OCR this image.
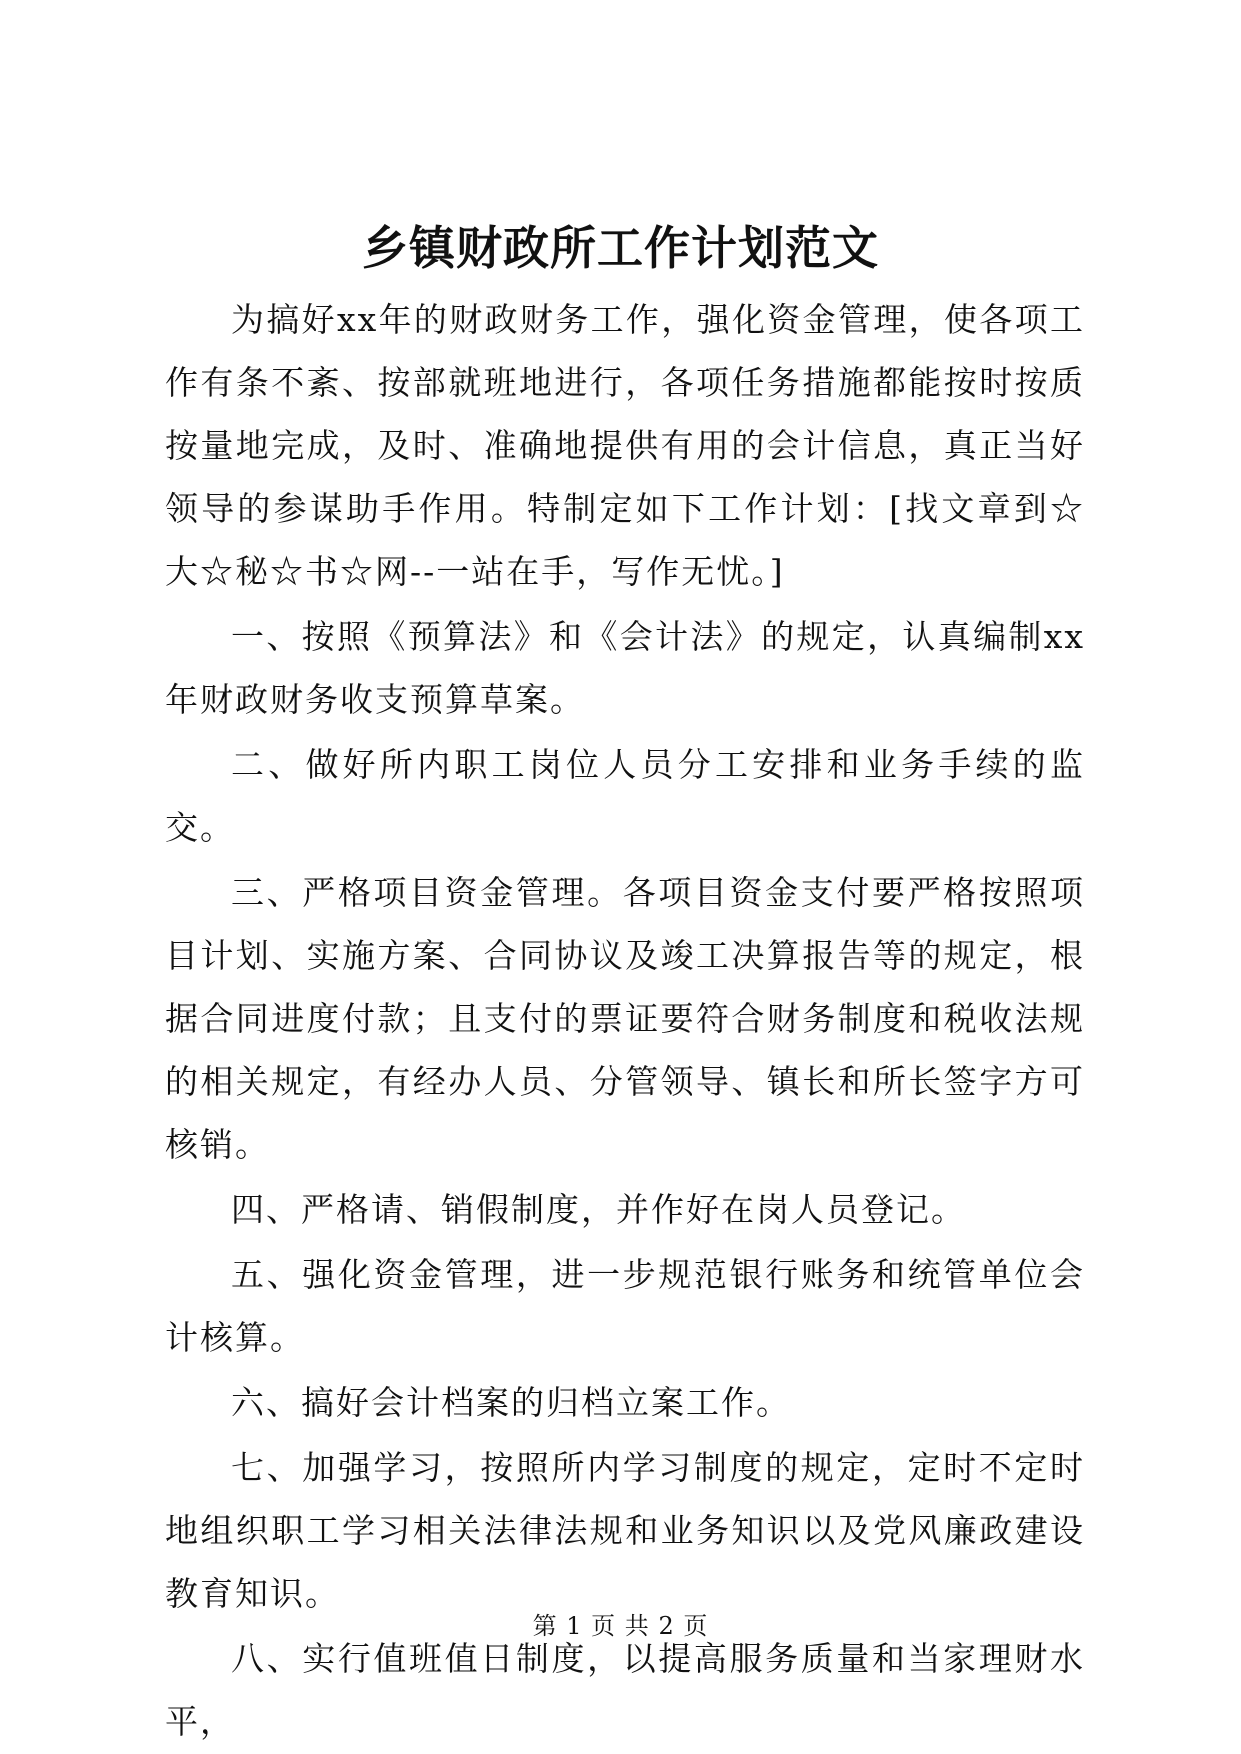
乡镇财政所工作计划范文

为搞好xx年的财政财务工作，强化资金管理，使各项工作有条不紊、按部就班地进行，各项任务措施都能按时按质按量地完成，及时、准确地提供有用的会计信息，真正当好领导的参谋助手作用。特制定如下工作计划：[找文章到☆大☆秘☆书☆网--一站在手，写作无忧。]

一、按照《预算法》和《会计法》的规定，认真编制xx年财政财务收支预算草案。

二、做好所内职工岗位人员分工安排和业务手续的监交。

三、严格项目资金管理。各项目资金支付要严格按照项目计划、实施方案、合同协议及竣工决算报告等的规定，根据合同进度付款；且支付的票证要符合财务制度和税收法规的相关规定，有经办人员、分管领导、镇长和所长签字方可核销。

四、严格请、销假制度，并作好在岗人员登记。

五、强化资金管理，进一步规范银行账务和统管单位会计核算。

六、搞好会计档案的归档立案工作。

七、加强学习，按照所内学习制度的规定，定时不定时地组织职工学习相关法律法规和业务知识以及党风廉政建设教育知识。

八、实行值班值日制度，以提高服务质量和当家理财水平，

第 1 页 共 2 页
